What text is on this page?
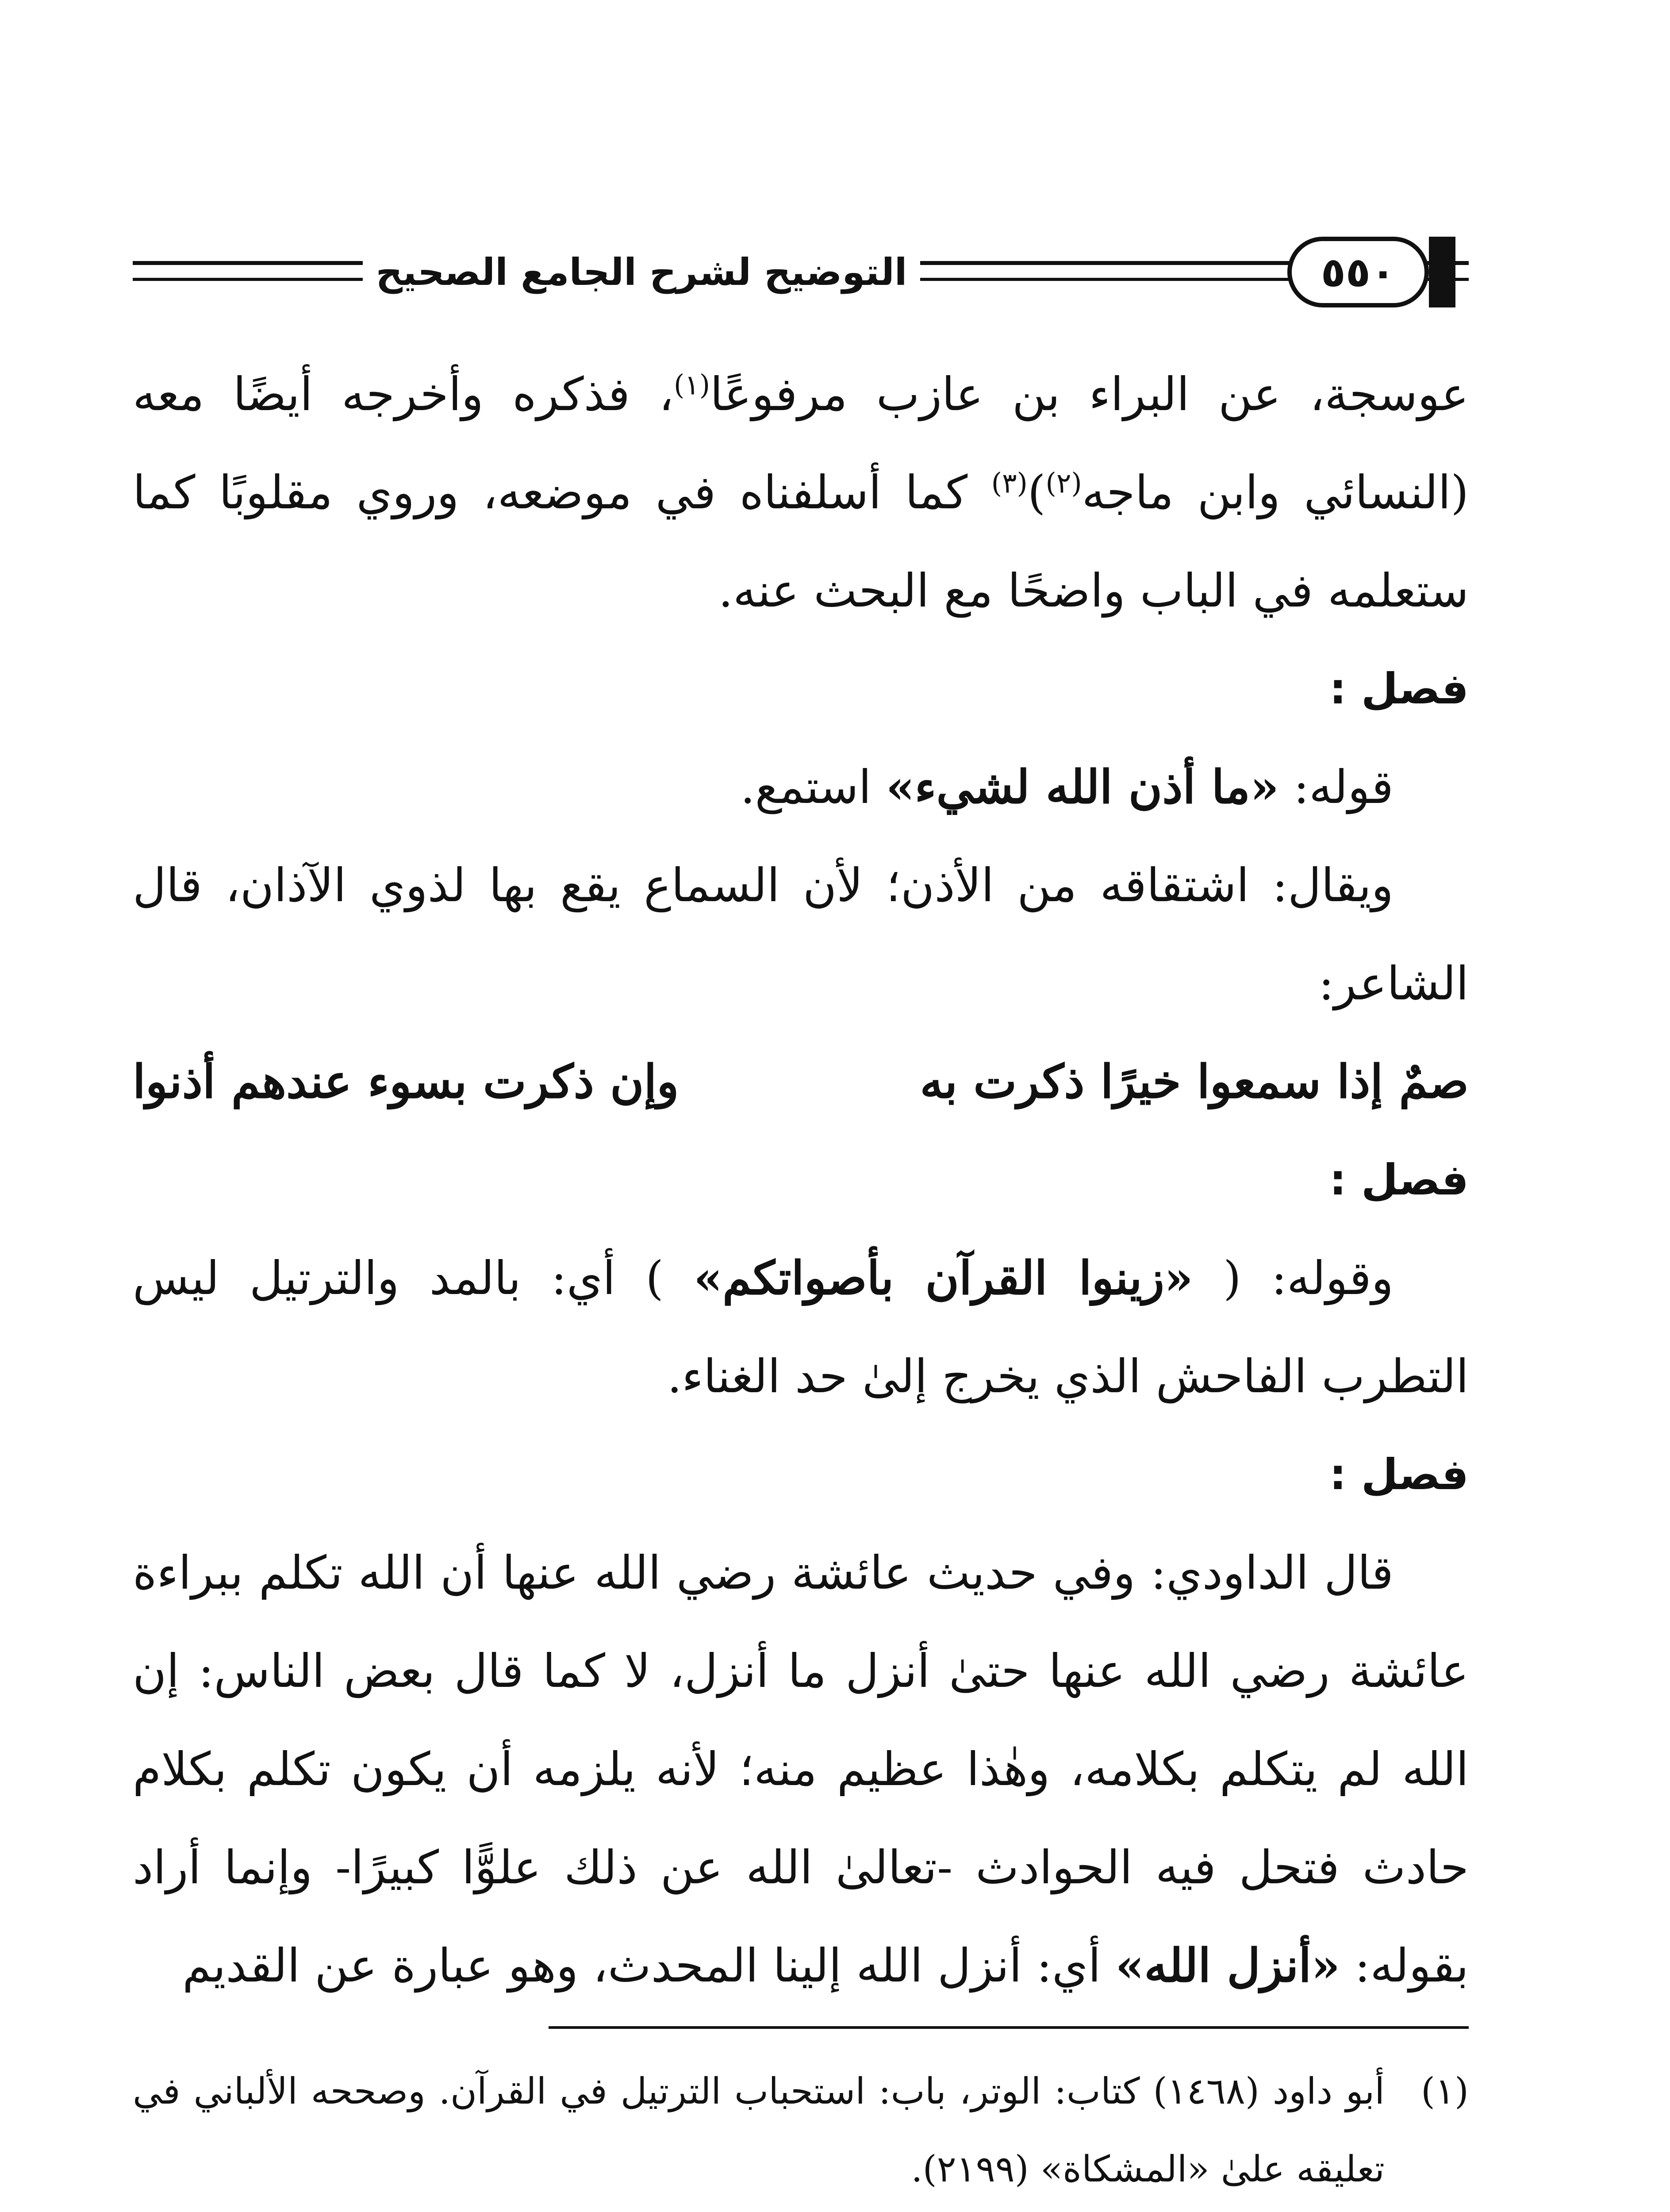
التوضيح لشرح الجامع الصحيح	٥٥٠

عوسجة، عن البراء بن عازب مرفوعًا$^{(١)}$، فذكره وأخرجه أيضًا معه (النسائي وابن ماجه$^{(٢)}$)$^{(٣)}$ كما أسلفناه في موضعه، وروي مقلوبًا كما ستعلمه في الباب واضحًا مع البحث عنه.

فصل :

قوله: «ما أذن الله لشيء» استمع.

ويقال: اشتقاقه من الأذن؛ لأن السماع يقع بها لذوي الآذان، قال الشاعر:

صمٌ إذا سمعوا خيرًا ذكرت به
وإن ذكرت بسوء عندهم أذنوا

فصل :

وقوله: ( «زينوا القرآن بأصواتكم» ) أي: بالمد والترتيل ليس التطرب الفاحش الذي يخرج إلىٰ حد الغناء.

فصل :

قال الداودي: وفي حديث عائشة رضي الله عنها أن الله تكلم ببراءة عائشة رضي الله عنها حتىٰ أنزل ما أنزل، لا كما قال بعض الناس: إن الله لم يتكلم بكلامه، وهٰذا عظيم منه؛ لأنه يلزمه أن يكون تكلم بكلام حادث فتحل فيه الحوادث -تعالىٰ الله عن ذلك علوًّا كبيرًا- وإنما أراد بقوله: «أنزل الله» أي: أنزل الله إلينا المحدث، وهو عبارة عن القديم

(١)
أبو داود (١٤٦٨) كتاب: الوتر، باب: استحباب الترتيل في القرآن. وصححه الألباني في تعليقه علىٰ «المشكاة» (٢١٩٩).
